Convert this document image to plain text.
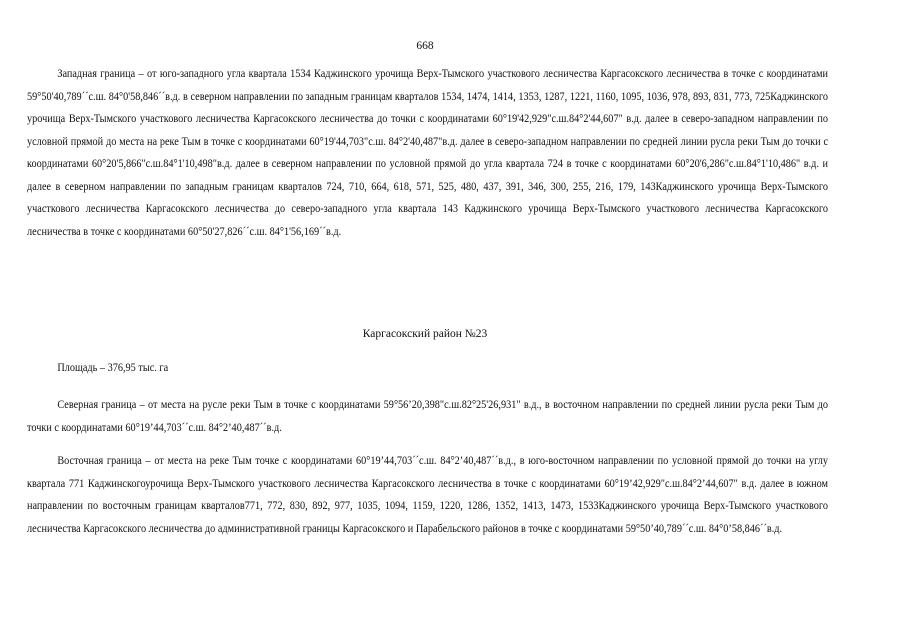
668

Западная граница – от юго-западного угла квартала 1534 Каджинского урочища Верх-Тымского участкового лесничества Каргасокского лесничества в точке с координатами 59°50'40,789´´с.ш. 84°0'58,846´´в.д. в северном направлении по западным границам кварталов 1534, 1474, 1414, 1353, 1287, 1221, 1160, 1095, 1036, 978, 893, 831, 773, 725Каджинского урочища Верх-Тымского участкового лесничества Каргасокского лесничества до точки с координатами 60°19'42,929"с.ш.84°2'44,607" в.д. далее в северо-западном направлении по условной прямой до места на реке Тым в точке с координатами 60°19'44,703"с.ш. 84°2'40,487"в.д. далее в северо-западном направлении по средней линии русла реки Тым до точки с координатами 60°20'5,866"с.ш.84°1'10,498"в.д. далее в северном направлении по условной прямой до угла квартала 724 в точке с координатами 60°20'6,286"с.ш.84°1'10,486" в.д. и далее в северном направлении по западным границам кварталов 724, 710, 664, 618, 571, 525, 480, 437, 391, 346, 300, 255, 216, 179, 143Каджинского урочища Верх-Тымского участкового лесничества Каргасокского лесничества до северо-западного угла квартала 143 Каджинского урочища Верх-Тымского участкового лесничества Каргасокского лесничества в точке с координатами 60°50'27,826´´с.ш. 84°1'56,169´´в.д.

Каргасокский район №23

Площадь – 376,95 тыс. га

Северная граница – от места на русле реки Тым в точке с координатами 59°56’20,398"с.ш.82°25'26,931" в.д., в восточном направлении по средней линии русла реки Тым до точки с координатами 60°19’44,703´´с.ш. 84°2’40,487´´в.д.

Восточная граница – от места на реке Тым точке с координатами 60°19’44,703´´с.ш. 84°2’40,487´´в.д., в юго-восточном направлении по условной прямой до точки на углу квартала 771 Каджинскогоурочища Верх-Тымского участкового лесничества Каргасокского лесничества в точке с координатами 60°19’42,929"с.ш.84°2’44,607" в.д. далее в южном направлении по восточным границам кварталов771, 772, 830, 892, 977, 1035, 1094, 1159, 1220, 1286, 1352, 1413, 1473, 1533Каджинского урочища Верх-Тымского участкового лесничества Каргасокского лесничества до административной границы Каргасокского и Парабельского районов в точке с координатами 59°50’40,789´´с.ш. 84°0’58,846´´в.д.
